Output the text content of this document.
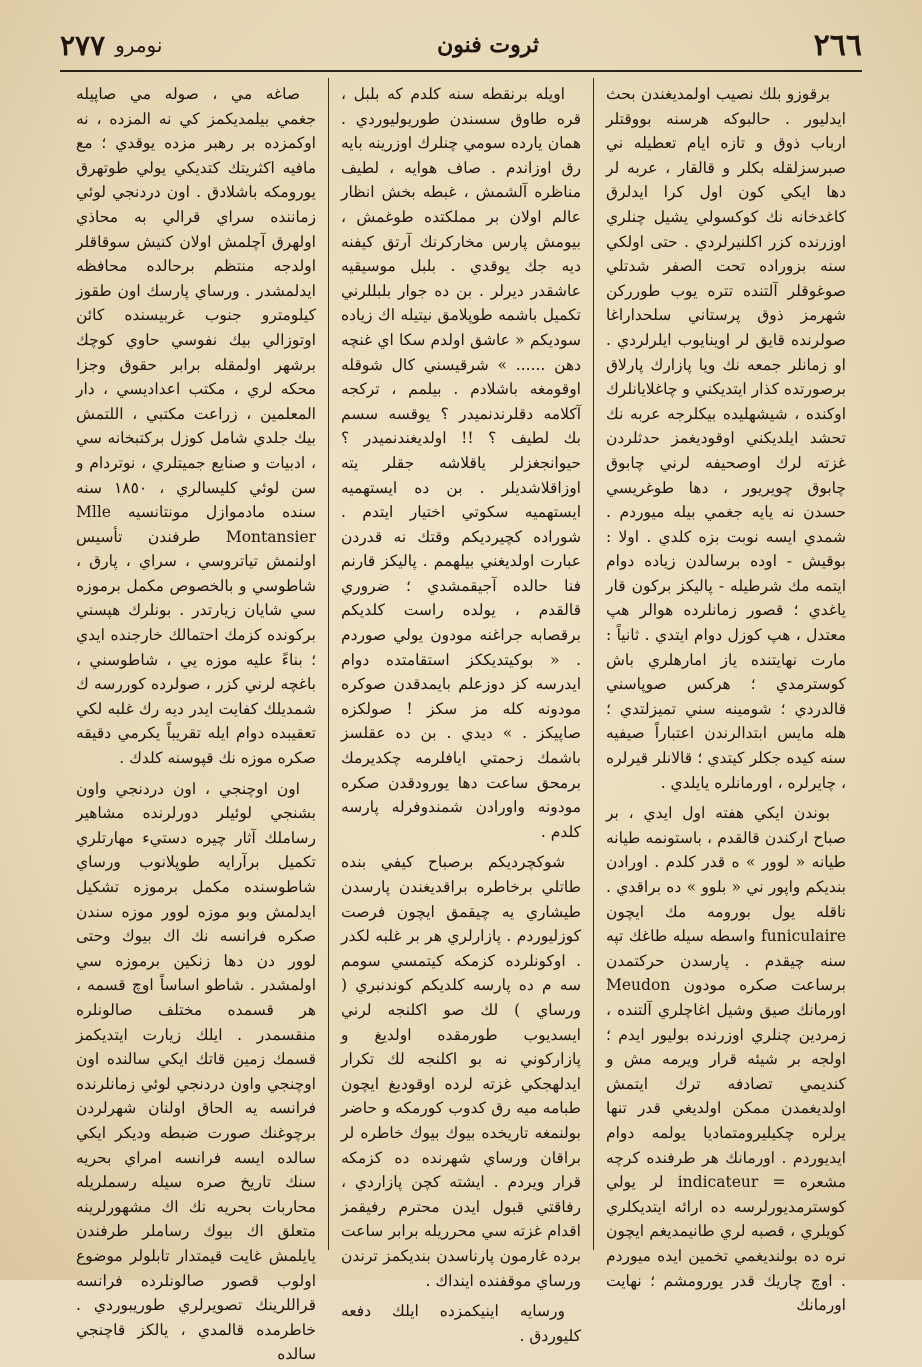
٢٦٦
ثروت فنون
نومرو
٢٧٧

برقوزو بلك نصيب اولمديغندن بحث ايدليور . حالبوكه هرسنه بووقتلر ارباب ذوق و تازه ايام تعطيله ني صبرسزلقله بكلر و قالقار ، عربه لر دها ايكي كون اول كرا ايدلرق كاغدخانه نك كوكسولي يشيل چنلري اوزرنده كزر اكلنيرلردي . حتى اولكي سنه بزوراده تحت الصفر شدتلي صوغوقلر آلتنده تتره يوب طوررکن شهرمز ذوق پرستاني سلحداراغا صولرنده قايق لر اوينايوب ايلرلردي . او زمانلر جمعه نك ويا پازارك پارلاق برصورتده كذار ايتديكني و چاغلايانلرك اوكنده ، شيشهليده بيكلرجه عربه نك تحشد ايلديكني اوقوديغمز حدثلردن غزته لرك اوصحيفه لرني چابوق چابوق چويريور ، دها طوغريسي حسدن نه يايه جغمي بيله ميوردم . شمدي ايسه نوبت بزه كلدي . اولا : بوقيش - اوده برسالدن زياده دوام ايتمه مك شرطيله - پاليكز بركون قار ياغدي ؛ قصور زمانلرده هوالر هپ معتدل ، هپ كوزل دوام ايتدي . ثانياً : مارت نهايتنده ياز امارهلري باش كوسترمدي ؛ هركس صوپاسني قالدردي ؛ شومينه سني تميزلتدي ؛ هله مايس ابتدالرندن اعتباراً صيفيه سنه كيده جكلر كيتدي ؛ قالانلر قيرلره ، چايرلره ، اورمانلره يايلدي .

بوندن ايكي هفته اول ايدي ، بر صباح اركندن قالقدم ، باستونمه طيانه طيانه « لوور » ه قدر كلدم . اورادن بنديكم واپور ني « بلوو » ده براقدي . ناقله يول بورومه مك ايچون funiculaire واسطه سيله طاغك تپه سنه چيقدم . پارسدن حركتمدن برساعت صكره مودون Meudon اورمانك صيق وشيل اغاچلري آلتنده ، زمردين چنلري اوزرنده بوليور ايدم ؛ اولجه بر شيئه قرار ويرمه مش و كنديمي تصادفه ترك ايتمش اولديغمدن ممكن اولديغي قدر تنها يرلره چكيليرومتماديا يولمه دوام ايديوردم . اورمانك هر طرفنده كرچه مشعره = indicateur لر يولي كوسترمديورلرسه ده ارائه ايتديكلري كويلري ، قصبه لري طانيمديغم ايچون نره ده بولنديغمي تخمين ايده ميوردم . اوچ چاريك قدر يورومشم ؛ نهايت اورمانك

اويله برنقطه سنه كلدم كه بلبل ، قره طاوق سسندن طوريوليوردي . همان يارده سومي چنلرك اوزرينه بايه رق اوزاندم . صاف هوايه ، لطيف مناظره آلشمش ، غبطه بخش انظار عالم اولان بر مملكتده طوغمش ، بيومش پارس مخارکرنك آرتق كيفنه ديه جك يوقدي . بلبل موسيقيه عاشقدر ديرلر . بن ده جوار بلبللرني تكميل باشمه طوپلامق نيتيله اك زياده سوديكم « عاشق اولدم سكا اي غنچه دهن ...... » شرقيسني كال شوقله اوقومغه باشلادم . بيلمم ، تركجه آكلامه دقلرندنميدر ؟ يوقسه سسم بك لطيف ؟ !! اولديغندنميدر ؟ حيوانجغزلر ياقلاشه جقلر يته اوزاقلاشديلر . بن ده ايستهميه ايستهميه سكوتي اختيار ايتدم . شوراده كچيرديكم وقتك نه قدردن عبارت اولديغني بيلهمم . پاليكز قارنم فنا حالده آجيقمشدي ؛ ضروري قالقدم ، يولده راست كلديكم برقصابه جراغنه مودون يولي صوردم . « بوكيتديككز استقامتده دوام ايدرسه كز دوزعلم بايمدقدن صوكره مودونه كله مز سكز ! صولكزه صاپيكز . » ديدي . بن ده عقلسز باشمك زحمتي ايافلرمه چكديرمك برمحق ساعت دها يورودقدن صكره مودونه واورادن شمندوفرله پارسه كلدم .

شوكچرديكم برصباح كيفي بنده طاتلي برخاطره براقديغندن پارسدن طيشاري يه چيقمق ايچون فرصت كوزليوردم . پازارلري هر بر غلبه لكدر . اوكونلرده كزمكه كيتمسي سومم سه م ده پارسه كلديكم كوندنبري ( ورساي ) لك صو اكلنجه لرني ايسديوب طورمقده اولديغ و پازاركوني نه بو اكلنجه لك تكرار ايدلهجكي غزته لرده اوقوديغ ايچون طبامه ميه رق كدوب كورمكه و حاضر بولنمغه تاريخده بيوك بيوك خاطره لر براقان ورساي شهرنده ده كزمكه قرار ويردم . ايشته كچن پازاردي ، رفاقتي قبول ايدن محترم رفيقمز اقدام غزته سي محرريله برابر ساعت برده غارمون پارناسدن بنديكمز ترندن ورساي موقفنده اينداك .

ورسايه اينيكمزده ايلك دفعه كليوردق .

صاغه مي ، صوله مي صاپيله جغمي بيلمديكمز كي نه المزده ، نه اوكمزده بر رهبر مزده يوقدي ؛ مع مافيه اكثريتك كتديكي يولي طوتهرق يورومكه باشلادق . اون دردنجي لوئي زماننده سراي قرالي به محاذي اولهرق آچلمش اولان كنيش سوقاقلر اولدجه منتظم برحالده محافظه ايدلمشدر . ورساي پارسك اون طقوز كيلومترو جنوب غربيسنده كائن اوتوزالي بيك نفوسي حاوي كوچك برشهر اولمقله برابر حقوق وجزا محكه لري ، مكتب اعداديسي ، دار المعلمين ، زراعت مكتبي ، اللتمش بيك جلدي شامل كوزل بركتبخانه سي ، ادبيات و صنايع جميتلري ، نوتردام و سن لوئي كليسالري ، ١٨٥٠ سنه سنده مادموازل مونتانسيه Mlle Montansier طرفندن تأسيس اولنمش تياتروسي ، سراي ، پارق ، شاطوسي و بالخصوص مكمل برموزه سي شايان زيارتدر . بونلرك هپسني بركونده كزمك احتمالك خارجنده ايدي ؛ بناءً عليه موزه يي ، شاطوسني ، باغچه لرني كزر ، صولرده كوررسه ك شمديلك كفايت ايدر ديه رك غلبه لكي تعقيبده دوام ايله تقريباً يكرمي دقيقه صكره موزه نك قپوسنه كلدك .

اون اوچنجي ، اون دردنجي واون بشنجي لوئيلر دورلرنده مشاهير رساملك آثار چيره دستيء مهارتلري تكميل برآرايه طوپلانوب ورساي شاطوسنده مكمل برموزه تشكيل ايدلمش وبو موزه لوور موزه سندن صكره فرانسه نك اك بيوك وحتى لوور دن دها زنكين برموزه سي اولمشدر . شاطو اساساً اوچ قسمه ، هر قسمده مختلف صالونلره منقسمدر . ايلك زيارت ايتديكمز قسمك زمين قاتك ايكي سالنده اون اوچنجي واون دردنجي لوئي زمانلرنده فرانسه يه الحاق اولنان شهرلردن برچوغنك صورت ضبطه وديكر ايكي سالده ايسه فرانسه امراي بحريه سنك تاريخ صره سيله رسملريله محاربات بحريه نك اك مشهورلرينه متعلق اك بيوك رساملر طرفندن يايلمش غايت قيمتدار تابلولر موضوع اولوب قصور صالونلرده فرانسه قراللرينك تصويرلري طوريبوردي . خاطرمده قالمدي ، يالكز قاچنجي سالده
